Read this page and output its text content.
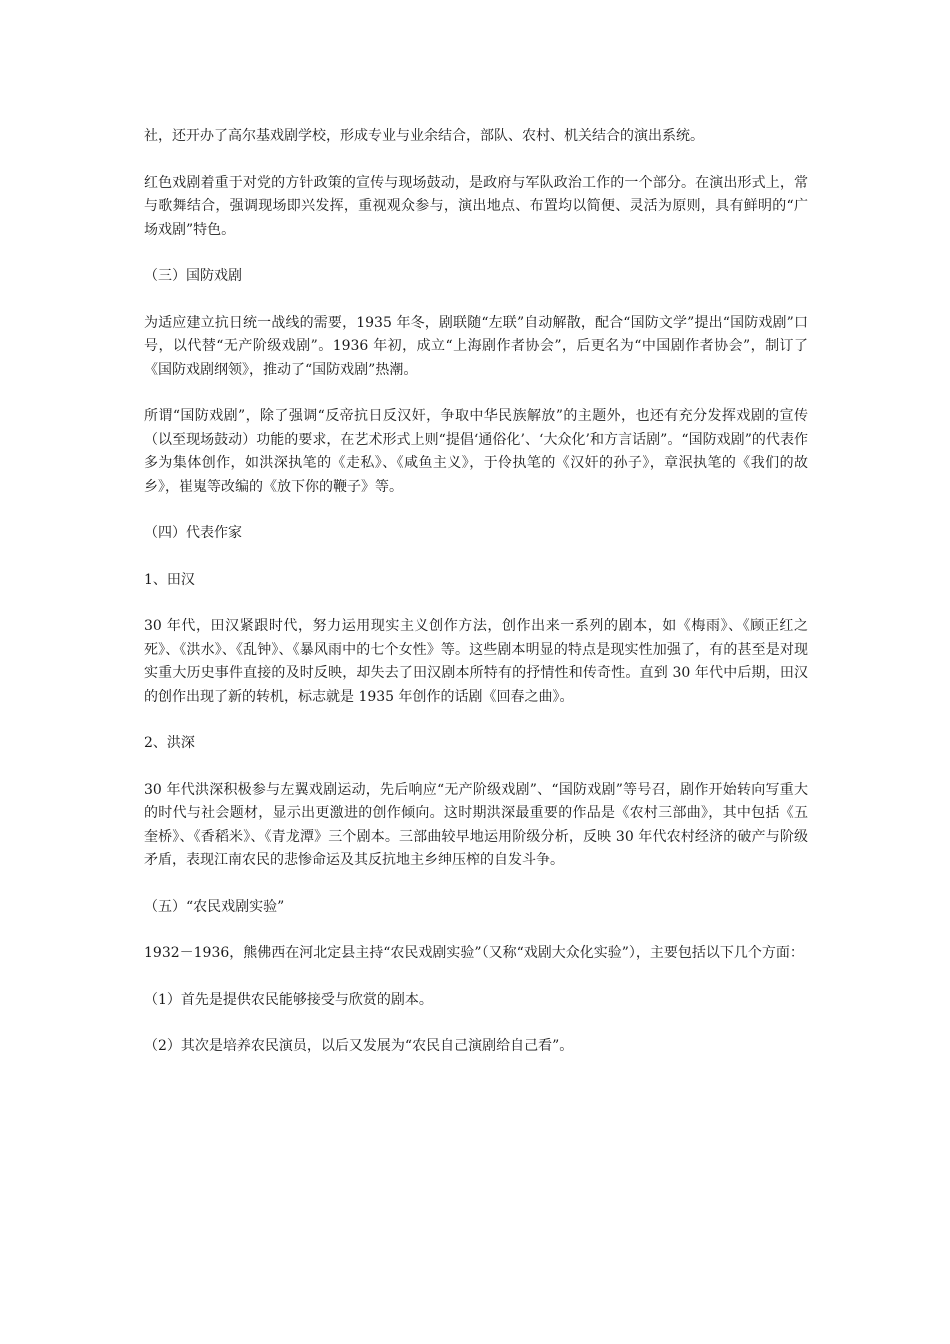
社，还开办了高尔基戏剧学校，形成专业与业余结合，部队、农村、机关结合的演出系统。

红色戏剧着重于对党的方针政策的宣传与现场鼓动，是政府与军队政治工作的一个部分。在演出形式上，常与歌舞结合，强调现场即兴发挥，重视观众参与，演出地点、布置均以简便、灵活为原则，具有鲜明的“广场戏剧”特色。

（三）国防戏剧

为适应建立抗日统一战线的需要，1935 年冬，剧联随“左联”自动解散，配合“国防文学”提出“国防戏剧”口号，以代替“无产阶级戏剧”。1936 年初，成立“上海剧作者协会”，后更名为“中国剧作者协会”，制订了《国防戏剧纲领》，推动了“国防戏剧”热潮。

所谓“国防戏剧”，除了强调“反帝抗日反汉奸，争取中华民族解放”的主题外，也还有充分发挥戏剧的宣传（以至现场鼓动）功能的要求，在艺术形式上则“提倡‘通俗化’、‘大众化’和方言话剧”。“国防戏剧”的代表作多为集体创作，如洪深执笔的《走私》、《咸鱼主义》，于伶执笔的《汉奸的孙子》，章泯执笔的《我们的故乡》，崔嵬等改编的《放下你的鞭子》等。

（四）代表作家

1、田汉

30 年代，田汉紧跟时代，努力运用现实主义创作方法，创作出来一系列的剧本，如《梅雨》、《顾正红之死》、《洪水》、《乱钟》、《暴风雨中的七个女性》等。这些剧本明显的特点是现实性加强了，有的甚至是对现实重大历史事件直接的及时反映，却失去了田汉剧本所特有的抒情性和传奇性。直到 30 年代中后期，田汉的创作出现了新的转机，标志就是 1935 年创作的话剧《回春之曲》。

2、洪深

30 年代洪深积极参与左翼戏剧运动，先后响应“无产阶级戏剧”、“国防戏剧”等号召，剧作开始转向写重大的时代与社会题材，显示出更激进的创作倾向。这时期洪深最重要的作品是《农村三部曲》，其中包括《五奎桥》、《香稻米》、《青龙潭》三个剧本。三部曲较早地运用阶级分析，反映 30 年代农村经济的破产与阶级矛盾，表现江南农民的悲惨命运及其反抗地主乡绅压榨的自发斗争。

（五）“农民戏剧实验”

1932－1936，熊佛西在河北定县主持“农民戏剧实验”（又称“戏剧大众化实验”），主要包括以下几个方面：

（1）首先是提供农民能够接受与欣赏的剧本。

（2）其次是培养农民演员，以后又发展为“农民自己演剧给自己看”。
